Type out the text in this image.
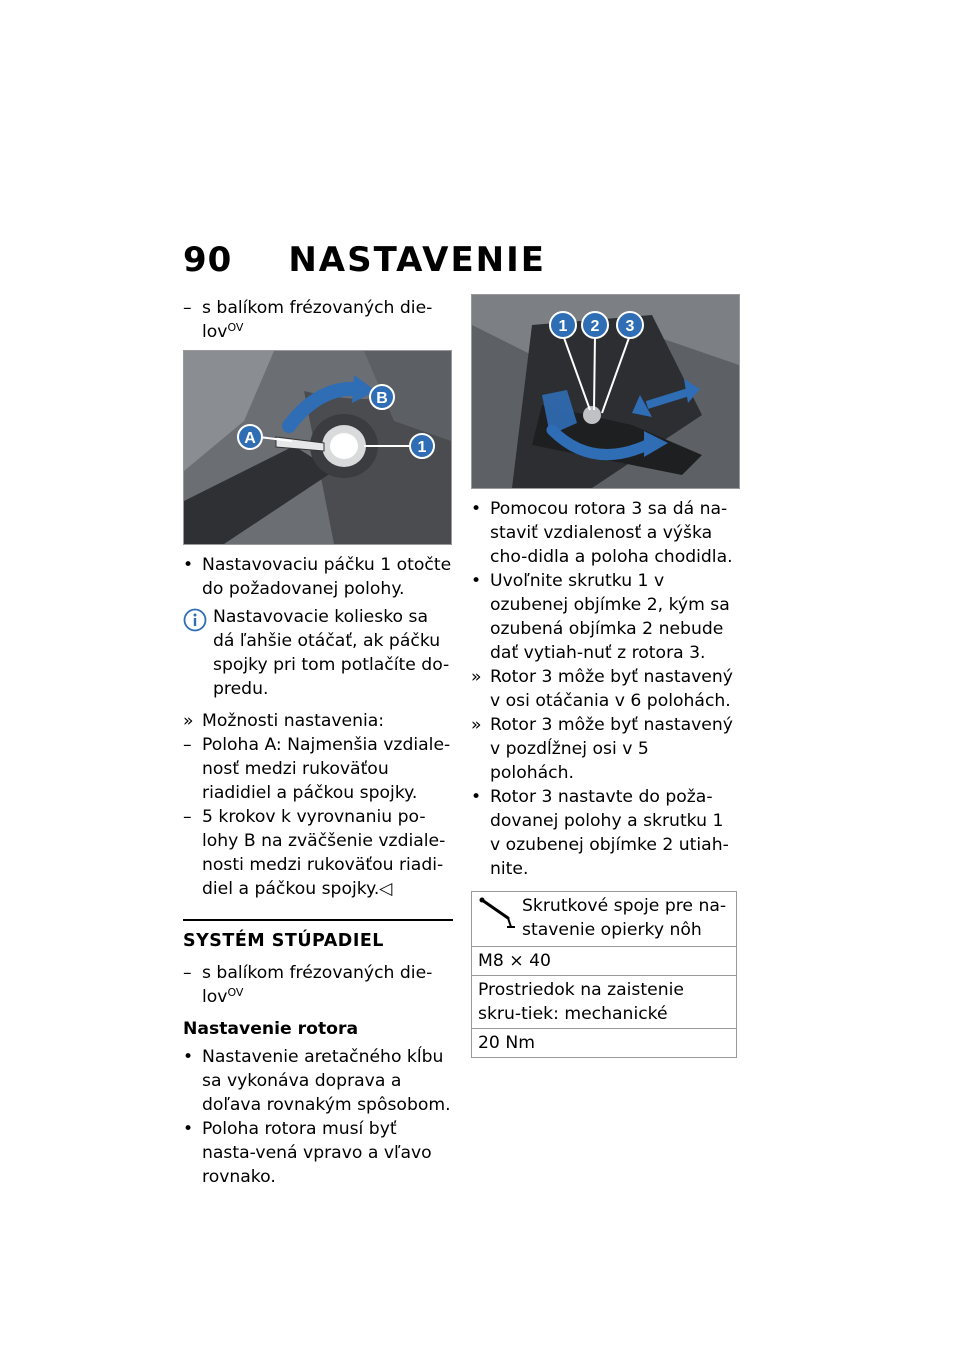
90 NASTAVENIE
– s balíkom frézovaných die-lov$^{OV}$
A
B
1
• Nastavovaciu páčku 1 otočte do požadovanej polohy.
Nastavovacie koliesko sa dá ľahšie otáčať, ak páčku spojky pri tom potlačíte do-predu.
» Možnosti nastavenia:
– Poloha A: Najmenšia vzdiale-nosť medzi rukoväťou riadidiel a páčkou spojky.
– 5 krokov k vyrovnaniu po-lohy B na zväčšenie vzdiale-nosti medzi rukoväťou riadi-diel a páčkou spojky.◁
SYSTÉM STÚPADIEL
– s balíkom frézovaných die-lov$^{OV}$
Nastavenie rotora
• Nastavenie aretačného kĺbu sa vykonáva doprava a doľava rovnakým spôsobom.
• Poloha rotora musí byť nasta-vená vpravo a vľavo rovnako.
1 2 3
• Pomocou rotora 3 sa dá na-staviť vzdialenosť a výška cho-didla a poloha chodidla.
• Uvoľnite skrutku 1 v ozubenej objímke 2, kým sa ozubená objímka 2 nebude dať vytiah-nuť z rotora 3.
» Rotor 3 môže byť nastavený v osi otáčania v 6 polohách.
» Rotor 3 môže byť nastavený v pozdĺžnej osi v 5 polohách.
• Rotor 3 nastavte do poža-dovanej polohy a skrutku 1 v ozubenej objímke 2 utiah-nite.
Skrutkové spoje pre na-stavenie opierky nôh
M8 × 40
Prostriedok na zaistenie skru-tiek: mechanické
20 Nm
